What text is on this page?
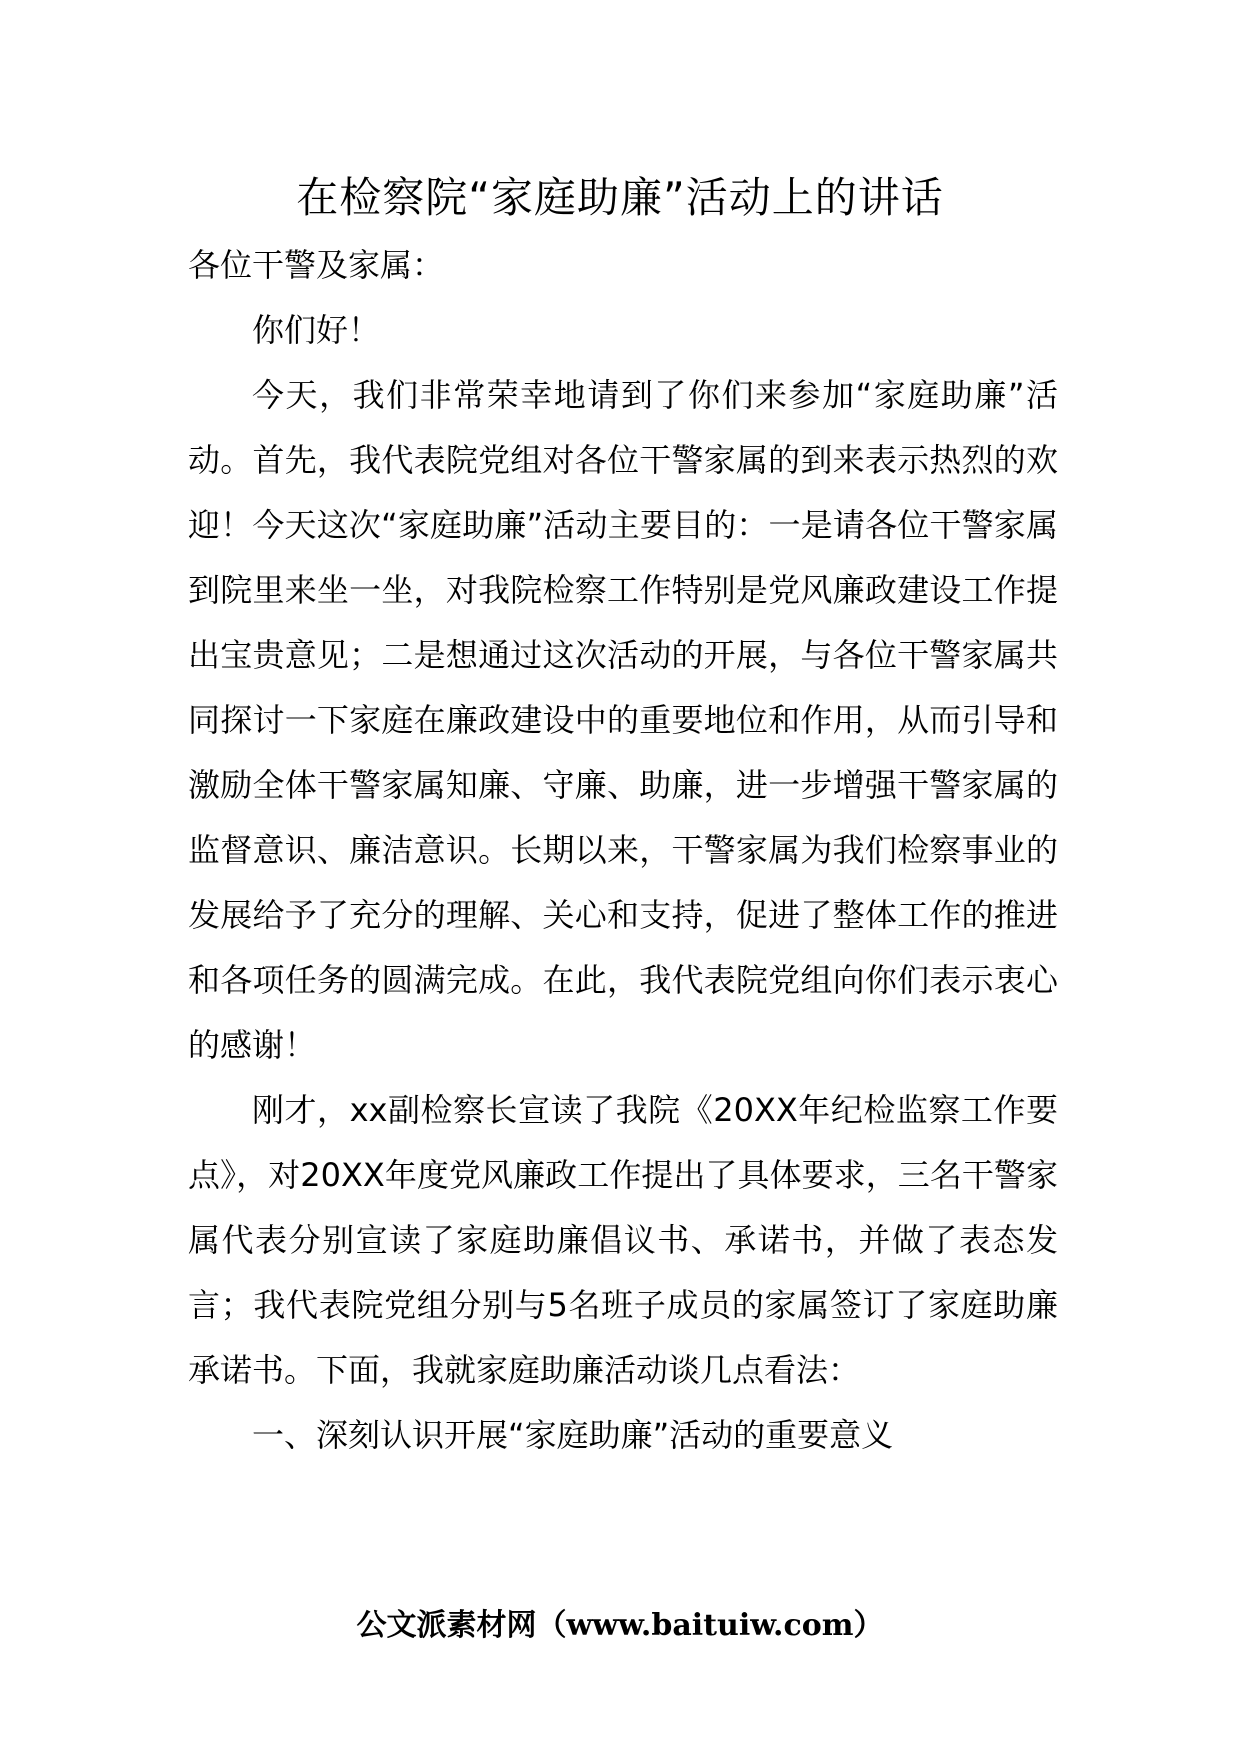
在检察院“家庭助廉”活动上的讲话

各位干警及家属：

你们好！

今天，我们非常荣幸地请到了你们来参加“家庭助廉”活动。首先，我代表院党组对各位干警家属的到来表示热烈的欢迎！今天这次“家庭助廉”活动主要目的：一是请各位干警家属到院里来坐一坐，对我院检察工作特别是党风廉政建设工作提出宝贵意见；二是想通过这次活动的开展，与各位干警家属共同探讨一下家庭在廉政建设中的重要地位和作用，从而引导和激励全体干警家属知廉、守廉、助廉，进一步增强干警家属的监督意识、廉洁意识。长期以来，干警家属为我们检察事业的发展给予了充分的理解、关心和支持，促进了整体工作的推进和各项任务的圆满完成。在此，我代表院党组向你们表示衷心的感谢！

刚才，xx副检察长宣读了我院《20XX年纪检监察工作要点》，对20XX年度党风廉政工作提出了具体要求，三名干警家属代表分别宣读了家庭助廉倡议书、承诺书，并做了表态发言；我代表院党组分别与5名班子成员的家属签订了家庭助廉承诺书。下面，我就家庭助廉活动谈几点看法：

一、深刻认识开展“家庭助廉”活动的重要意义

公文派素材网（www.baituiw.com）
